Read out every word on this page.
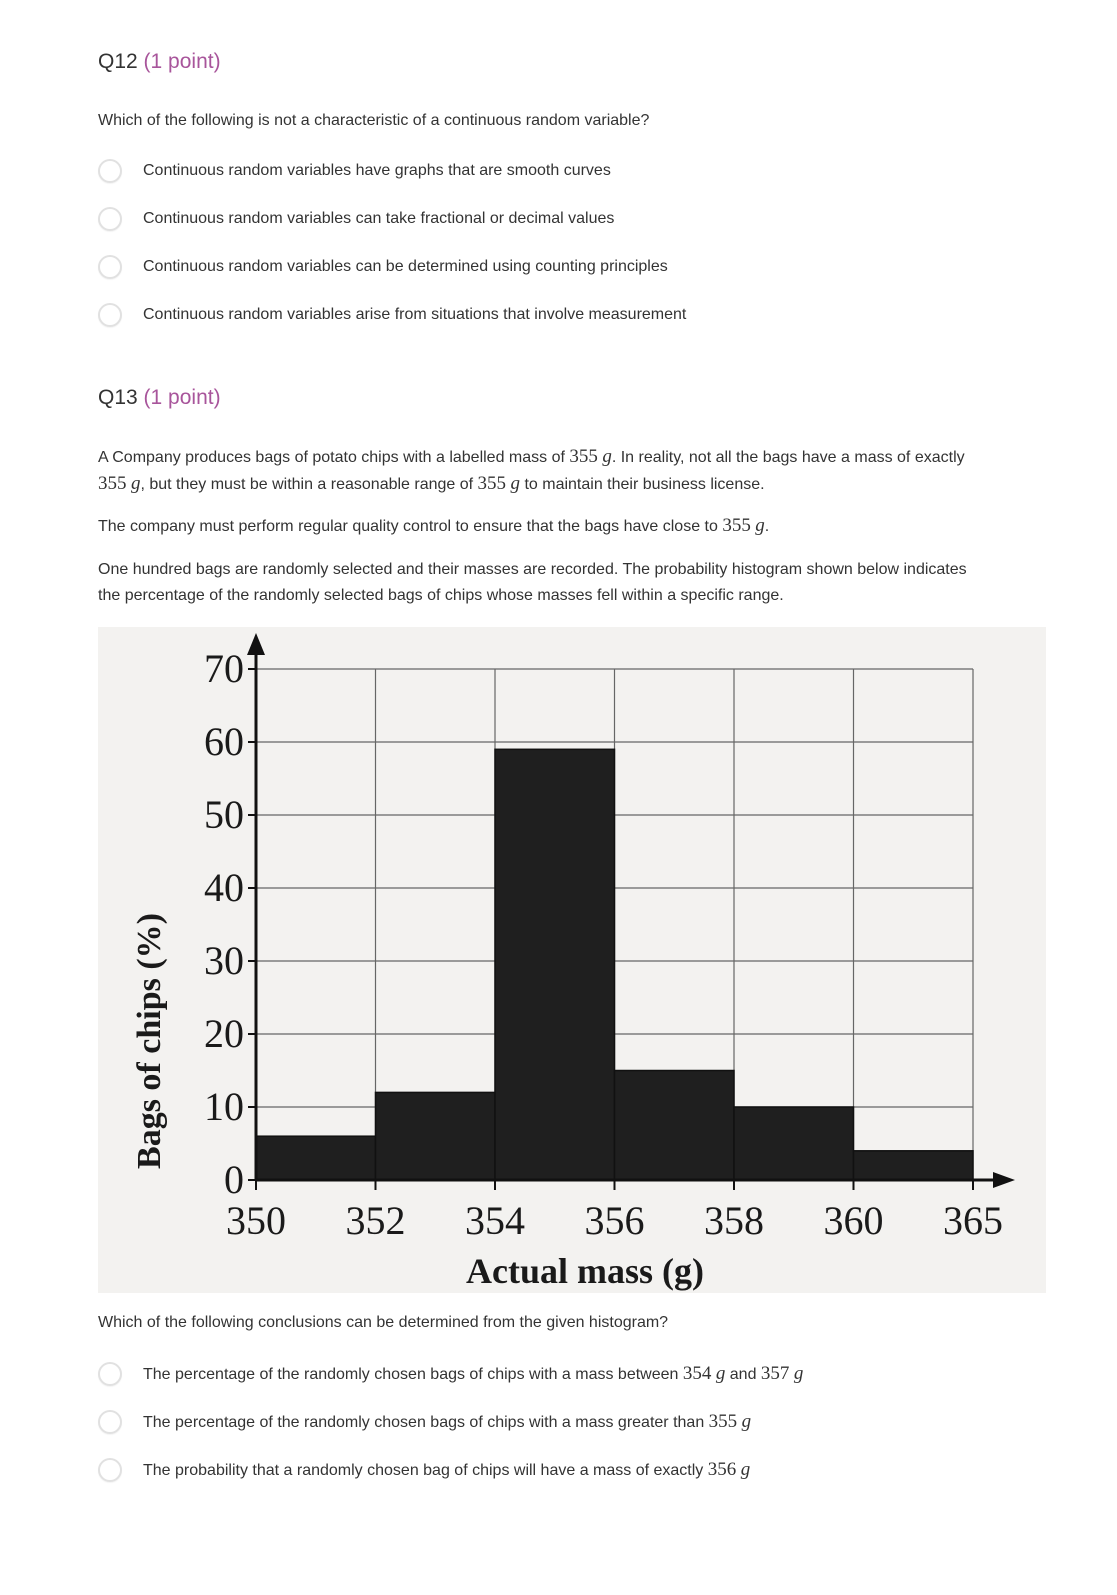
Q12 (1 point)
Which of the following is not a characteristic of a continuous random variable?
Continuous random variables have graphs that are smooth curves
Continuous random variables can take fractional or decimal values
Continuous random variables can be determined using counting principles
Continuous random variables arise from situations that involve measurement
Q13 (1 point)
A Company produces bags of potato chips with a labelled mass of 355 g. In reality, not all the bags have a mass of exactly
355 g, but they must be within a reasonable range of 355 g to maintain their business license.
The company must perform regular quality control to ensure that the bags have close to 355 g.
One hundred bags are randomly selected and their masses are recorded. The probability histogram shown below indicates
the percentage of the randomly selected bags of chips whose masses fell within a specific range.
0
10
20
30
40
50
60
70
350 352 354 356 358 360 365
Bags of chips (%)
Actual mass (g)
Which of the following conclusions can be determined from the given histogram?
The percentage of the randomly chosen bags of chips with a mass between 354 g and 357 g
The percentage of the randomly chosen bags of chips with a mass greater than 355 g
The probability that a randomly chosen bag of chips will have a mass of exactly 356 g
